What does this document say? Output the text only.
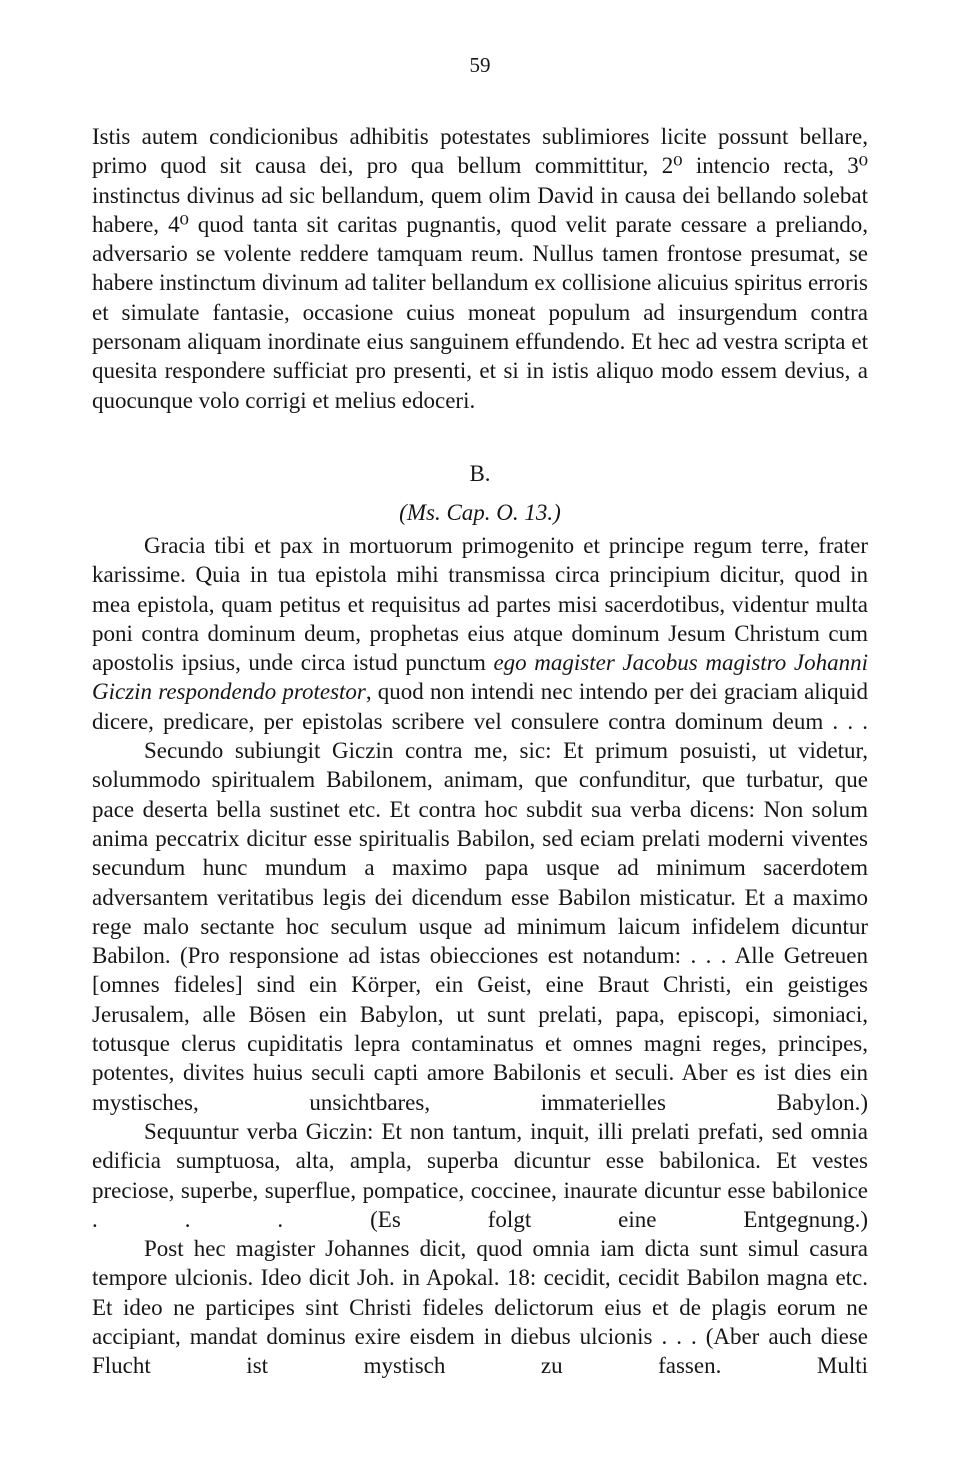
59

Istis autem condicionibus adhibitis potestates sublimiores licite possunt bellare, primo quod sit causa dei, pro qua bellum committitur, 2⁰ intencio recta, 3⁰ instinctus divinus ad sic bellandum, quem olim David in causa dei bellando solebat habere, 4⁰ quod tanta sit caritas pugnantis, quod velit parate cessare a preliando, adversario se volente reddere tamquam reum. Nullus tamen frontose presumat, se habere instinctum divinum ad taliter bellandum ex collisione alicuius spiritus erroris et simulate fantasie, occasione cuius moneat populum ad insurgendum contra personam aliquam inordinate eius sanguinem effundendo. Et hec ad vestra scripta et quesita respondere sufficiat pro presenti, et si in istis aliquo modo essem devius, a quocunque volo corrigi et melius edoceri.

B.
(Ms. Cap. O. 13.)

Gracia tibi et pax in mortuorum primogenito et principe regum terre, frater karissime. Quia in tua epistola mihi transmissa circa principium dicitur, quod in mea epistola, quam petitus et requisitus ad partes misi sacerdotibus, videntur multa poni contra dominum deum, prophetas eius atque dominum Jesum Christum cum apostolis ipsius, unde circa istud punctum ego magister Jacobus magistro Johanni Giczin respondendo protestor, quod non intendi nec intendo per dei graciam aliquid dicere, predicare, per epistolas scribere vel consulere contra dominum deum . . .

Secundo subiungit Giczin contra me, sic: Et primum posuisti, ut videtur, solummodo spiritualem Babilonem, animam, que confunditur, que turbatur, que pace deserta bella sustinet etc. Et contra hoc subdit sua verba dicens: Non solum anima peccatrix dicitur esse spiritualis Babilon, sed eciam prelati moderni viventes secundum hunc mundum a maximo papa usque ad minimum sacerdotem adversantem veritatibus legis dei dicendum esse Babilon misticatur. Et a maximo rege malo sectante hoc seculum usque ad minimum laicum infidelem dicuntur Babilon. (Pro responsione ad istas obiecciones est notandum: . . . Alle Getreuen [omnes fideles] sind ein Körper, ein Geist, eine Braut Christi, ein geistiges Jerusalem, alle Bösen ein Babylon, ut sunt prelati, papa, episcopi, simoniaci, totusque clerus cupiditatis lepra contaminatus et omnes magni reges, principes, potentes, divites huius seculi capti amore Babilonis et seculi. Aber es ist dies ein mystisches, unsichtbares, immaterielles Babylon.)

Sequuntur verba Giczin: Et non tantum, inquit, illi prelati prefati, sed omnia edificia sumptuosa, alta, ampla, superba dicuntur esse babilonica. Et vestes preciose, superbe, superflue, pompatice, coccinee, inaurate dicuntur esse babilonice . . . (Es folgt eine Entgegnung.)

Post hec magister Johannes dicit, quod omnia iam dicta sunt simul casura tempore ulcionis. Ideo dicit Joh. in Apokal. 18: cecidit, cecidit Babilon magna etc. Et ideo ne participes sint Christi fideles delictorum eius et de plagis eorum ne accipiant, mandat dominus exire eisdem in diebus ulcionis . . . (Aber auch diese Flucht ist mystisch zu fassen. Multi
